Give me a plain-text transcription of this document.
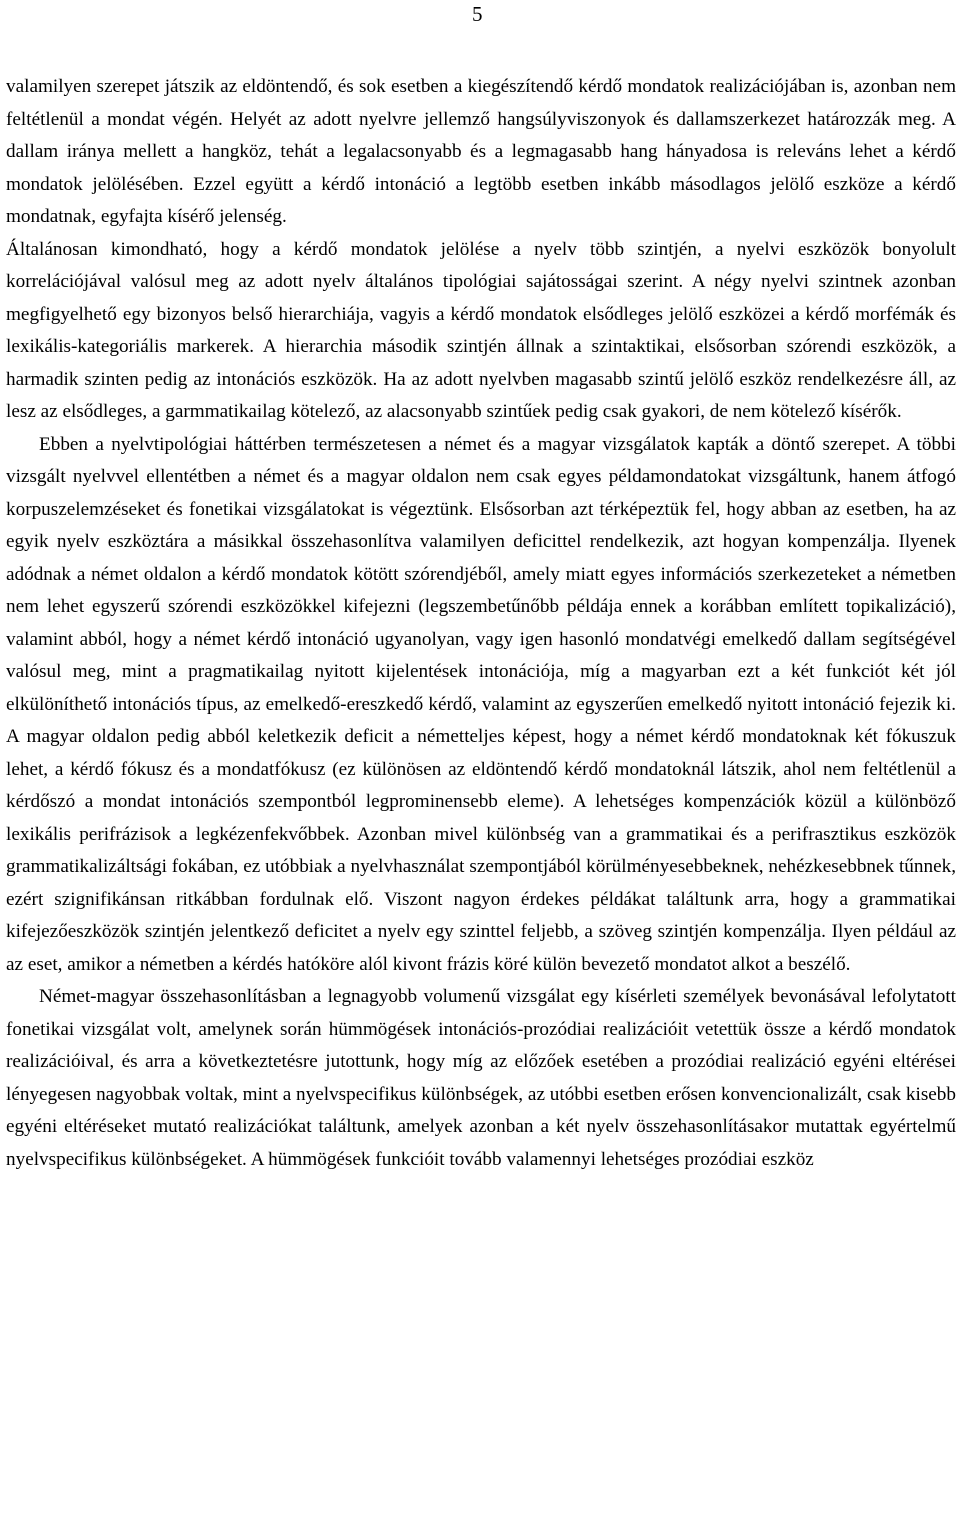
5

valamilyen szerepet játszik az eldöntendő, és sok esetben a kiegészítendő kérdő mondatok realizációjában is, azonban nem feltétlenül a mondat végén. Helyét az adott nyelvre jellemző hangsúlyviszonyok és dallamszerkezet határozzák meg. A dallam iránya mellett a hangköz, tehát a legalacsonyabb és a legmagasabb hang hányadosa is releváns lehet a kérdő mondatok jelölésében. Ezzel együtt a kérdő intonáció a legtöbb esetben inkább másodlagos jelölő eszköze a kérdő mondatnak, egyfajta kísérő jelenség.

Általánosan kimondható, hogy a kérdő mondatok jelölése a nyelv több szintjén, a nyelvi eszközök bonyolult korrelációjával valósul meg az adott nyelv általános tipológiai sajátosságai szerint. A négy nyelvi szintnek azonban megfigyelhető egy bizonyos belső hierarchiája, vagyis a kérdő mondatok elsődleges jelölő eszközei a kérdő morfémák és lexikális-kategoriális markerek. A hierarchia második szintjén állnak a szintaktikai, elsősorban szórendi eszközök, a harmadik szinten pedig az intonációs eszközök. Ha az adott nyelvben magasabb szintű jelölő eszköz rendelkezésre áll, az lesz az elsődleges, a garmmatikailag kötelező, az alacsonyabb szintűek pedig csak gyakori, de nem kötelező kísérők.

Ebben a nyelvtipológiai háttérben természetesen a német és a magyar vizsgálatok kapták a döntő szerepet. A többi vizsgált nyelvvel ellentétben a német és a magyar oldalon nem csak egyes példamondatokat vizsgáltunk, hanem átfogó korpuszelemzéseket és fonetikai vizsgálatokat is végeztünk. Elsősorban azt térképeztük fel, hogy abban az esetben, ha az egyik nyelv eszköztára a másikkal összehasonlítva valamilyen deficittel rendelkezik, azt hogyan kompenzálja. Ilyenek adódnak a német oldalon a kérdő mondatok kötött szórendjéből, amely miatt egyes információs szerkezeteket a németben nem lehet egyszerű szórendi eszközökkel kifejezni (legszembetűnőbb példája ennek a korábban említett topikalizáció), valamint abból, hogy a német kérdő intonáció ugyanolyan, vagy igen hasonló mondatvégi emelkedő dallam segítségével valósul meg, mint a pragmatikailag nyitott kijelentések intonációja, míg a magyarban ezt a két funkciót két jól elkülöníthető intonációs típus, az emelkedő-ereszkedő kérdő, valamint az egyszerűen emelkedő nyitott intonáció fejezik ki. A magyar oldalon pedig abból keletkezik deficit a németteljes képest, hogy a német kérdő mondatoknak két fókuszuk lehet, a kérdő fókusz és a mondatfókusz (ez különösen az eldöntendő kérdő mondatoknál látszik, ahol nem feltétlenül a kérdőszó a mondat intonációs szempontból legprominensebb eleme). A lehetséges kompenzációk közül a különböző lexikális perifrázisok a legkézenfekvőbbek. Azonban mivel különbség van a grammatikai és a perifrasztikus eszközök grammatikalizáltsági fokában, ez utóbbiak a nyelvhasználat szempontjából körülményesebbeknek, nehézkesebbnek tűnnek, ezért szignifikánsan ritkábban fordulnak elő. Viszont nagyon érdekes példákat találtunk arra, hogy a grammatikai kifejezőeszközök szintjén jelentkező deficitet a nyelv egy szinttel feljebb, a szöveg szintjén kompenzálja. Ilyen például az az eset, amikor a németben a kérdés hatóköre alól kivont frázis köré külön bevezető mondatot alkot a beszélő.

Német-magyar összehasonlításban a legnagyobb volumenű vizsgálat egy kísérleti személyek bevonásával lefolytatott fonetikai vizsgálat volt, amelynek során hümmögések intonációs-prozódiai realizációit vetettük össze a kérdő mondatok realizációival, és arra a következtetésre jutottunk, hogy míg az előzőek esetében a prozódiai realizáció egyéni eltérései lényegesen nagyobbak voltak, mint a nyelvspecifikus különbségek, az utóbbi esetben erősen konvencionalizált, csak kisebb egyéni eltéréseket mutató realizációkat találtunk, amelyek azonban a két nyelv összehasonlításakor mutattak egyértelmű nyelvspecifikus különbségeket. A hümmögések funkcióit tovább valamennyi lehetséges prozódiai eszköz
